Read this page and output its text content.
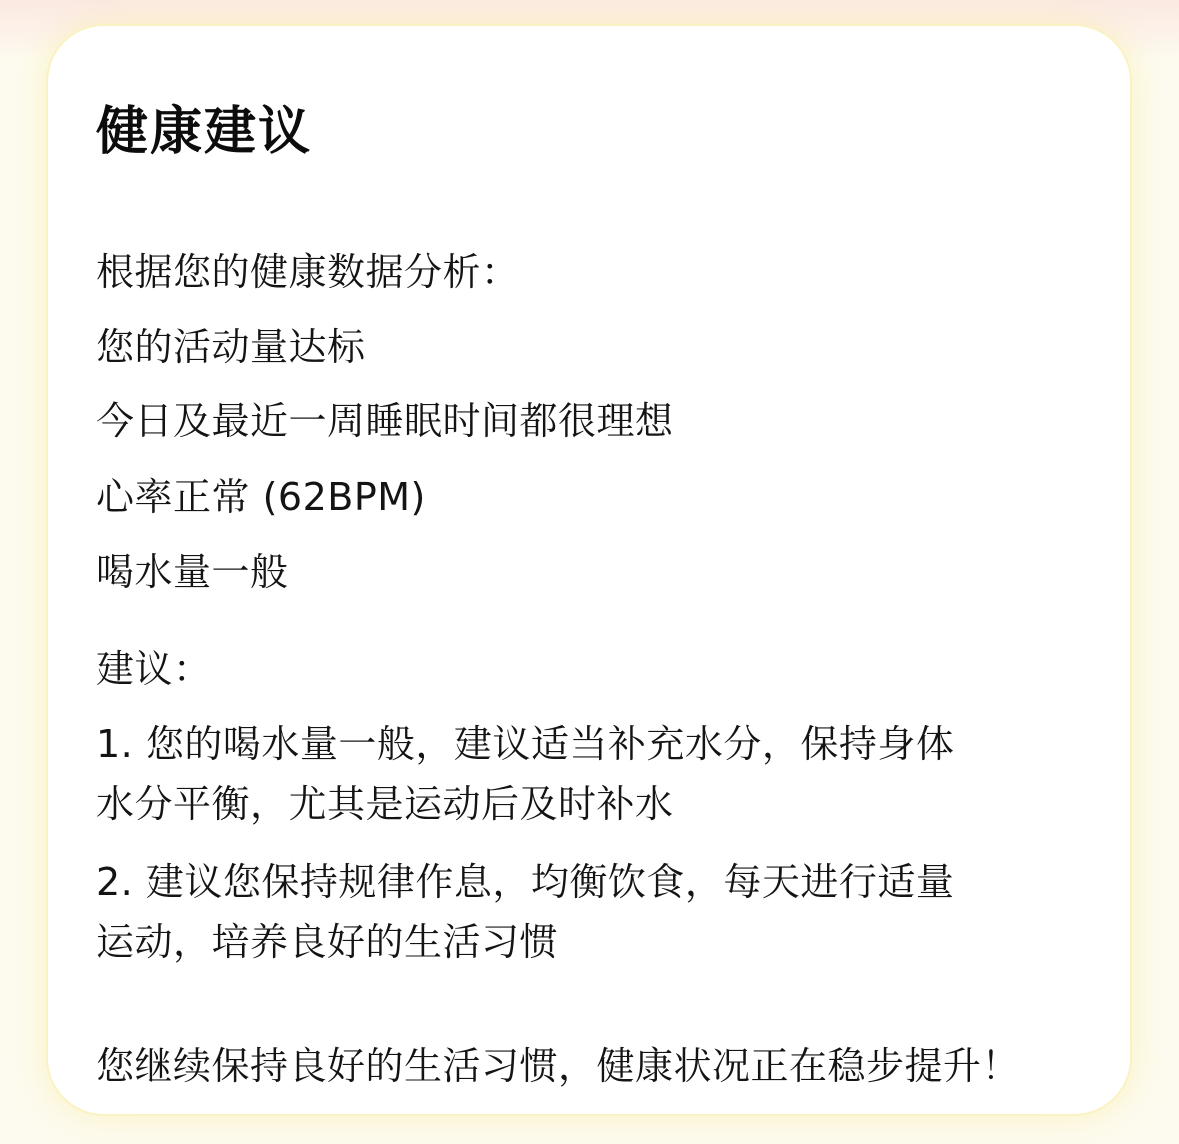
健康建议
根据您的健康数据分析：
您的活动量达标
今日及最近一周睡眠时间都很理想
心率正常 (62BPM)
喝水量一般
建议：
1. 您的喝水量一般，建议适当补充水分，保持身体
水分平衡，尤其是运动后及时补水
2. 建议您保持规律作息，均衡饮食，每天进行适量
运动，培养良好的生活习惯
您继续保持良好的生活习惯，健康状况正在稳步提升！
